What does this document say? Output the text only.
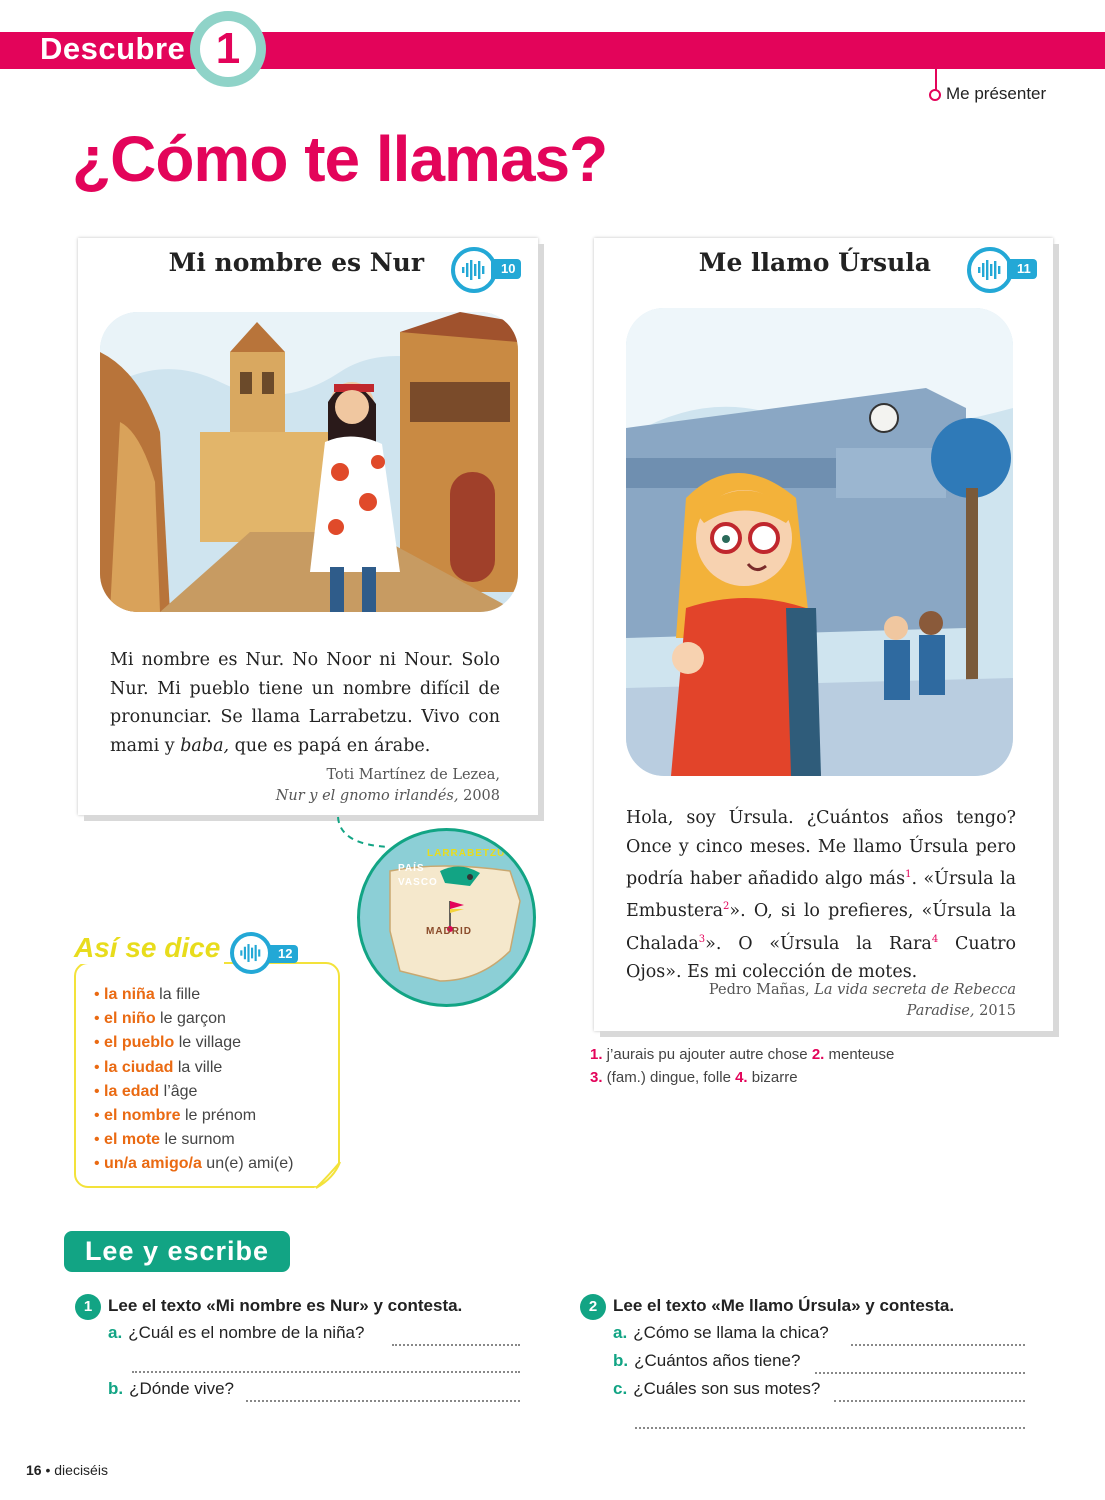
Descubre 1
Me présenter
¿Cómo te llamas?
Mi nombre es Nur	10

Mi nombre es Nur. No Noor ni Nour. Solo Nur. Mi pueblo tiene un nombre difícil de pronunciar. Se llama Larrabetzu. Vivo con mami y baba, que es papá en árabe.

Toti Martínez de Lezea,
Nur y el gnomo irlandés, 2008
LARRABETZU
PAÍS
VASCO
MADRID
Me llamo Úrsula	11

Hola, soy Úrsula. ¿Cuántos años tengo? Once y cinco meses. Me llamo Úrsula pero podría haber añadido algo más$^1$. «Úrsula la Embustera$^2$». O, si lo prefieres, «Úrsula la Chalada$^3$». O «Úrsula la Rara$^4$ Cuatro Ojos». Es mi colección de motes.

Pedro Mañas, La vida secreta de Rebecca Paradise, 2015
1. j’aurais pu ajouter autre chose 2. menteuse
3. (fam.) dingue, folle 4. bizarre
Así se dice	12
• la niña la fille
• el niño le garçon
• el pueblo le village
• la ciudad la ville
• la edad l’âge
• el nombre le prénom
• el mote le surnom
• un/a amigo/a un(e) ami(e)
Lee y escribe
1 Lee el texto «Mi nombre es Nur» y contesta.
a. ¿Cuál es el nombre de la niña?
b. ¿Dónde vive?
2 Lee el texto «Me llamo Úrsula» y contesta.
a. ¿Cómo se llama la chica?
b. ¿Cuántos años tiene?
c. ¿Cuáles son sus motes?
16 • dieciséis
